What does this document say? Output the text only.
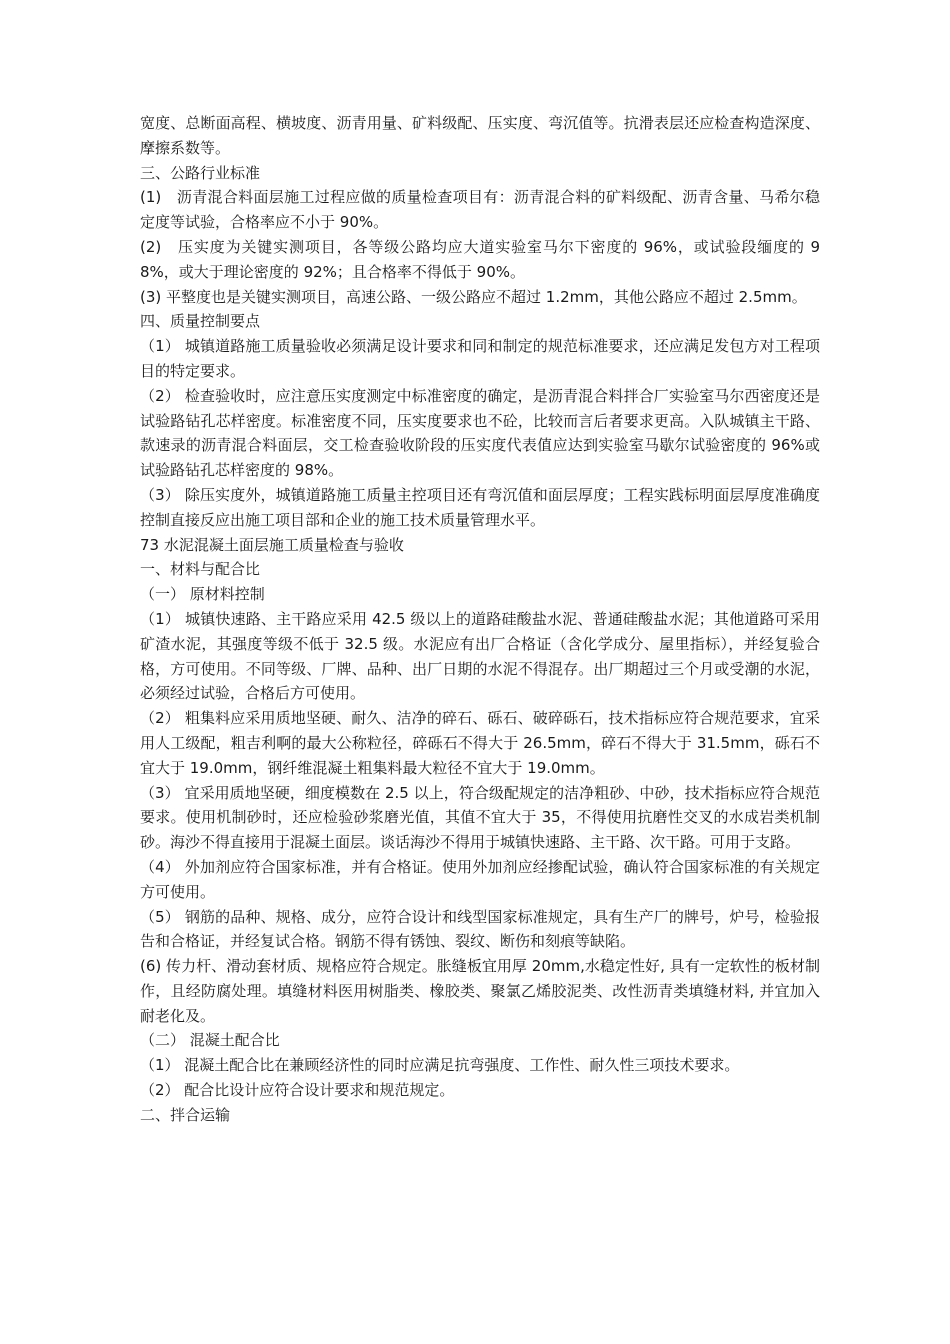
宽度、总断面高程、横坡度、沥青用量、矿料级配、压实度、弯沉值等。抗滑表层还应检查构造深度、摩擦系数等。

三、公路行业标准

(1)　沥青混合料面层施工过程应做的质量检查项目有：沥青混合料的矿料级配、沥青含量、马希尔稳定度等试验，合格率应不小于 90%。

(2)　压实度为关键实测项目，各等级公路均应大道实验室马尔下密度的 96%，或试验段缅度的 98%，或大于理论密度的 92%；且合格率不得低于 90%。

(3) 平整度也是关键实测项目，高速公路、一级公路应不超过 1.2mm，其他公路应不超过 2.5mm。

四、质量控制要点

（1） 城镇道路施工质量验收必须满足设计要求和同和制定的规范标准要求，还应满足发包方对工程项目的特定要求。

（2） 检查验收时，应注意压实度测定中标准密度的确定，是沥青混合料拌合厂实验室马尔西密度还是试验路钻孔芯样密度。标准密度不同，压实度要求也不砼，比较而言后者要求更高。入队城镇主干路、款速录的沥青混合料面层，交工检查验收阶段的压实度代表值应达到实验室马歇尔试验密度的 96%或试验路钻孔芯样密度的 98%。

（3） 除压实度外，城镇道路施工质量主控项目还有弯沉值和面层厚度；工程实践标明面层厚度准确度控制直接反应出施工项目部和企业的施工技术质量管理水平。

73 水泥混凝土面层施工质量检查与验收

一、材料与配合比

（一） 原材料控制

（1） 城镇快速路、主干路应采用 42.5 级以上的道路硅酸盐水泥、普通硅酸盐水泥；其他道路可采用矿渣水泥，其强度等级不低于 32.5 级。水泥应有出厂合格证（含化学成分、屋里指标），并经复验合格，方可使用。不同等级、厂牌、品种、出厂日期的水泥不得混存。出厂期超过三个月或受潮的水泥，必须经过试验，合格后方可使用。

（2） 粗集料应采用质地坚硬、耐久、洁净的碎石、砾石、破碎砾石，技术指标应符合规范要求，宜采用人工级配，粗吉利啊的最大公称粒径，碎砾石不得大于 26.5mm，碎石不得大于 31.5mm，砾石不宜大于 19.0mm，钢纤维混凝土粗集料最大粒径不宜大于 19.0mm。

（3） 宜采用质地坚硬，细度模数在 2.5 以上，符合级配规定的洁净粗砂、中砂，技术指标应符合规范要求。使用机制砂时，还应检验砂浆磨光值，其值不宜大于 35，不得使用抗磨性交叉的水成岩类机制砂。海沙不得直接用于混凝土面层。谈话海沙不得用于城镇快速路、主干路、次干路。可用于支路。

（4） 外加剂应符合国家标准，并有合格证。使用外加剂应经掺配试验，确认符合国家标准的有关规定方可使用。

（5） 钢筋的品种、规格、成分，应符合设计和线型国家标准规定，具有生产厂的牌号，炉号，检验报告和合格证，并经复试合格。钢筋不得有锈蚀、裂纹、断伤和刻痕等缺陷。

(6) 传力杆、滑动套材质、规格应符合规定。胀缝板宜用厚 20mm,水稳定性好, 具有一定软性的板材制作，且经防腐处理。填缝材料医用树脂类、橡胶类、聚氯乙烯胶泥类、改性沥青类填缝材料, 并宜加入耐老化及。

（二） 混凝土配合比

（1） 混凝土配合比在兼顾经济性的同时应满足抗弯强度、工作性、耐久性三项技术要求。

（2） 配合比设计应符合设计要求和规范规定。

二、拌合运输
